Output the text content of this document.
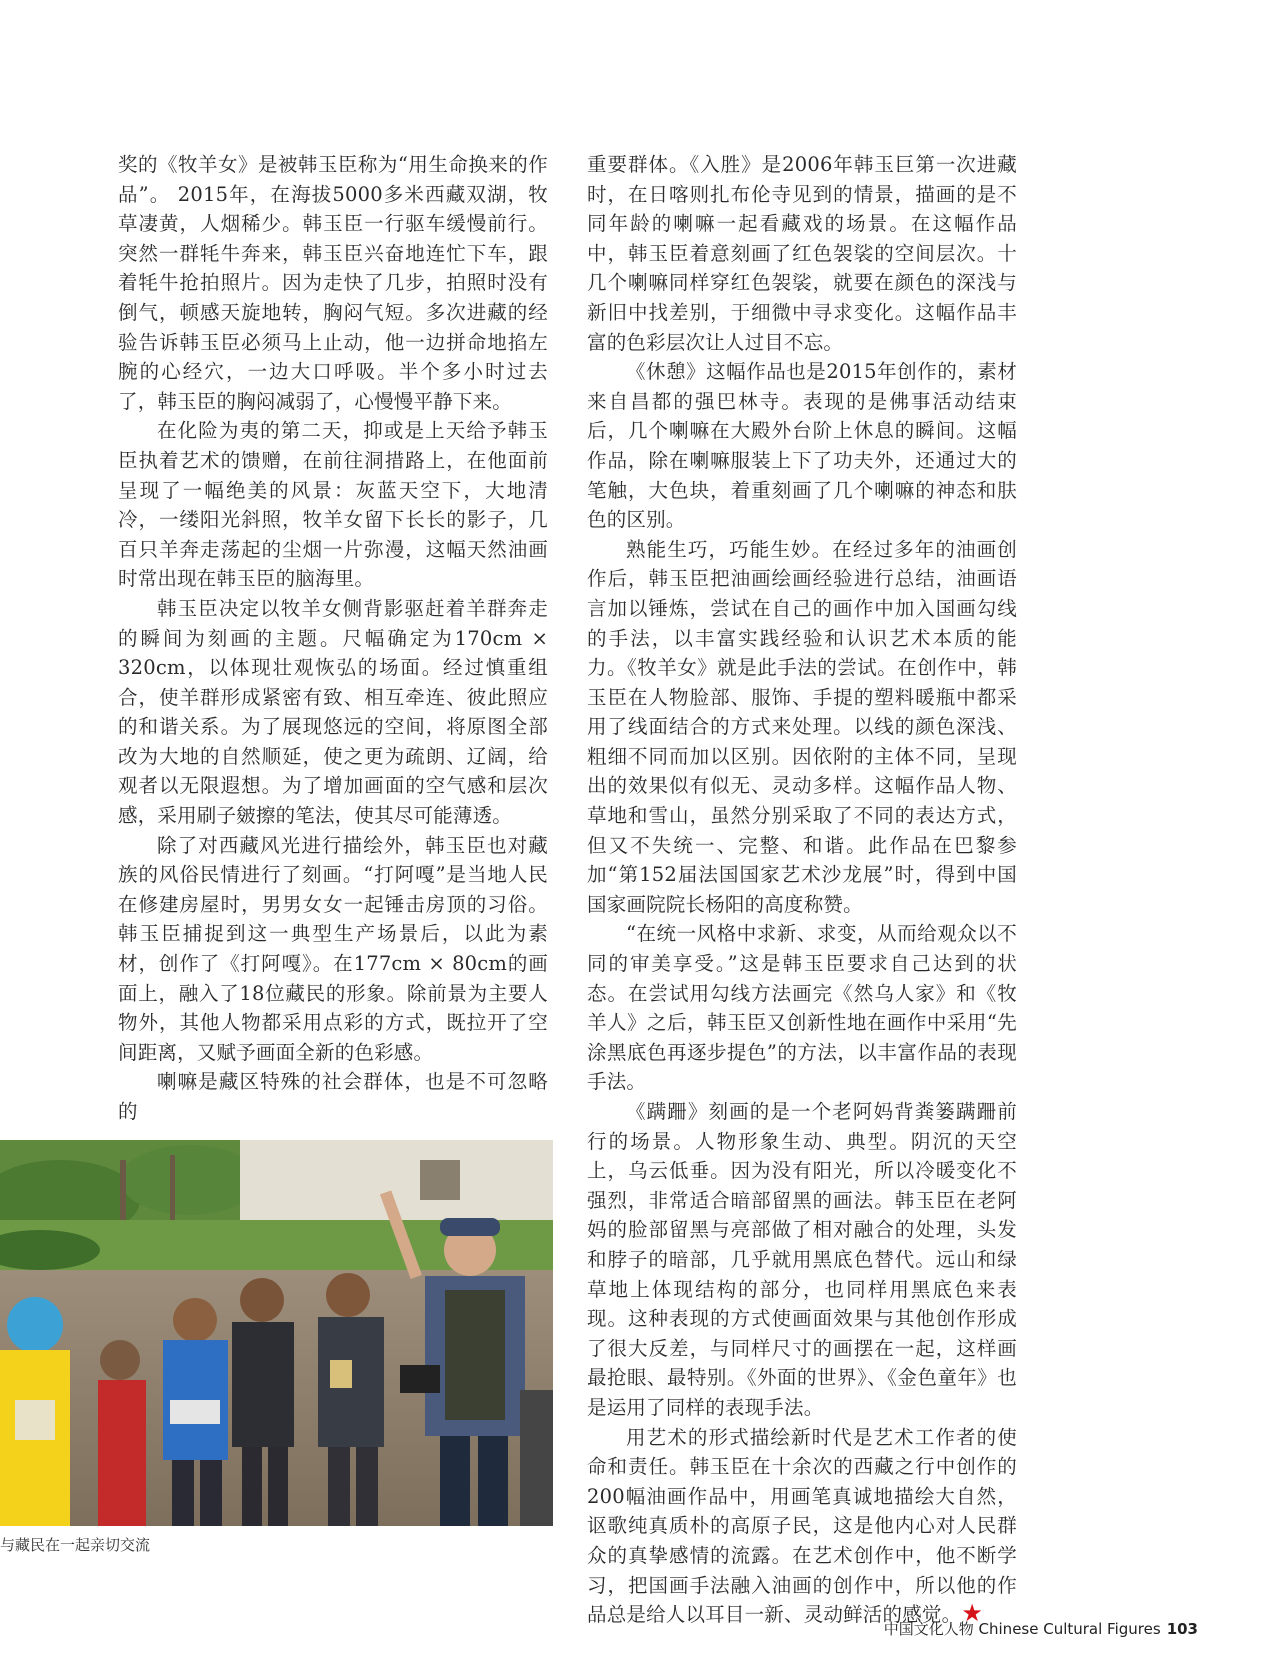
奖的《牧羊女》是被韩玉臣称为“用生命换来的作品”。 2015年，在海拔5000多米西藏双湖，牧草凄黄，人烟稀少。韩玉臣一行驱车缓慢前行。突然一群牦牛奔来，韩玉臣兴奋地连忙下车，跟着牦牛抢拍照片。因为走快了几步，拍照时没有倒气，顿感天旋地转，胸闷气短。多次进藏的经验告诉韩玉臣必须马上止动，他一边拼命地掐左腕的心经穴，一边大口呼吸。半个多小时过去了，韩玉臣的胸闷减弱了，心慢慢平静下来。

在化险为夷的第二天，抑或是上天给予韩玉臣执着艺术的馈赠，在前往洞措路上，在他面前呈现了一幅绝美的风景：灰蓝天空下，大地清冷，一缕阳光斜照，牧羊女留下长长的影子，几百只羊奔走荡起的尘烟一片弥漫，这幅天然油画时常出现在韩玉臣的脑海里。

韩玉臣决定以牧羊女侧背影驱赶着羊群奔走的瞬间为刻画的主题。尺幅确定为170cm × 320cm，以体现壮观恢弘的场面。经过慎重组合，使羊群形成紧密有致、相互牵连、彼此照应的和谐关系。为了展现悠远的空间，将原图全部改为大地的自然顺延，使之更为疏朗、辽阔，给观者以无限遐想。为了增加画面的空气感和层次感，采用刷子皴擦的笔法，使其尽可能薄透。

除了对西藏风光进行描绘外，韩玉臣也对藏族的风俗民情进行了刻画。“打阿嘎”是当地人民在修建房屋时，男男女女一起锤击房顶的习俗。韩玉臣捕捉到这一典型生产场景后，以此为素材，创作了《打阿嘎》。在177cm × 80cm的画面上，融入了18位藏民的形象。除前景为主要人物外，其他人物都采用点彩的方式，既拉开了空间距离，又赋予画面全新的色彩感。

喇嘛是藏区特殊的社会群体，也是不可忽略的

重要群体。《入胜》是2006年韩玉巨第一次进藏时，在日喀则扎布伦寺见到的情景，描画的是不同年龄的喇嘛一起看藏戏的场景。在这幅作品中，韩玉臣着意刻画了红色袈裟的空间层次。十几个喇嘛同样穿红色袈裟，就要在颜色的深浅与新旧中找差别，于细微中寻求变化。这幅作品丰富的色彩层次让人过目不忘。

《休憩》这幅作品也是2015年创作的，素材来自昌都的强巴林寺。表现的是佛事活动结束后，几个喇嘛在大殿外台阶上休息的瞬间。这幅作品，除在喇嘛服装上下了功夫外，还通过大的笔触，大色块，着重刻画了几个喇嘛的神态和肤色的区别。

熟能生巧，巧能生妙。在经过多年的油画创作后，韩玉臣把油画绘画经验进行总结，油画语言加以锤炼，尝试在自己的画作中加入国画勾线的手法，以丰富实践经验和认识艺术本质的能力。《牧羊女》就是此手法的尝试。在创作中，韩玉臣在人物脸部、服饰、手提的塑料暖瓶中都采用了线面结合的方式来处理。以线的颜色深浅、粗细不同而加以区别。因依附的主体不同，呈现出的效果似有似无、灵动多样。这幅作品人物、草地和雪山，虽然分别采取了不同的表达方式，但又不失统一、完整、和谐。此作品在巴黎参加“第152届法国国家艺术沙龙展”时，得到中国国家画院院长杨阳的高度称赞。

“在统一风格中求新、求变，从而给观众以不同的审美享受。”这是韩玉臣要求自己达到的状态。在尝试用勾线方法画完《然乌人家》和《牧羊人》之后，韩玉臣又创新性地在画作中采用“先涂黑底色再逐步提色”的方法，以丰富作品的表现手法。

《蹒跚》刻画的是一个老阿妈背粪篓蹒跚前行的场景。人物形象生动、典型。阴沉的天空上，乌云低垂。因为没有阳光，所以冷暖变化不强烈，非常适合暗部留黑的画法。韩玉臣在老阿妈的脸部留黑与亮部做了相对融合的处理，头发和脖子的暗部，几乎就用黑底色替代。远山和绿草地上体现结构的部分，也同样用黑底色来表现。这种表现的方式使画面效果与其他创作形成了很大反差，与同样尺寸的画摆在一起，这样画最抢眼、最特别。《外面的世界》、《金色童年》也是运用了同样的表现手法。

用艺术的形式描绘新时代是艺术工作者的使命和责任。韩玉臣在十余次的西藏之行中创作的200幅油画作品中，用画笔真诚地描绘大自然，讴歌纯真质朴的高原子民，这是他内心对人民群众的真挚感情的流露。在艺术创作中，他不断学习，把国画手法融入油画的创作中，所以他的作品总是给人以耳目一新、灵动鲜活的感觉。★

与藏民在一起亲切交流
中国文化人物 Chinese Cultural Figures 103
